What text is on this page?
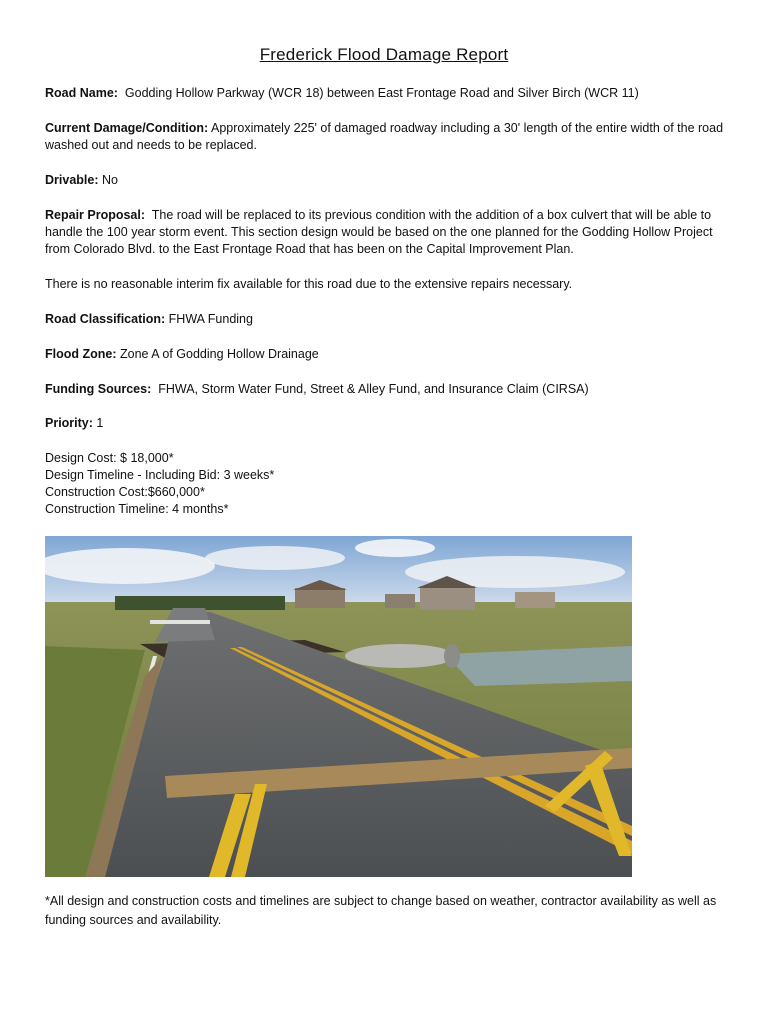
Frederick Flood Damage Report
Road Name: Godding Hollow Parkway (WCR 18) between East Frontage Road and Silver Birch (WCR 11)
Current Damage/Condition: Approximately 225' of damaged roadway including a 30' length of the entire width of the road washed out and needs to be replaced.
Drivable: No
Repair Proposal: The road will be replaced to its previous condition with the addition of a box culvert that will be able to handle the 100 year storm event. This section design would be based on the one planned for the Godding Hollow Project from Colorado Blvd. to the East Frontage Road that has been on the Capital Improvement Plan.
There is no reasonable interim fix available for this road due to the extensive repairs necessary.
Road Classification: FHWA Funding
Flood Zone: Zone A of Godding Hollow Drainage
Funding Sources: FHWA, Storm Water Fund, Street & Alley Fund, and Insurance Claim (CIRSA)
Priority: 1
Design Cost: $ 18,000*
Design Timeline - Including Bid: 3 weeks*
Construction Cost:$660,000*
Construction Timeline: 4 months*
*All design and construction costs and timelines are subject to change based on weather, contractor availability as well as funding sources and availability.
